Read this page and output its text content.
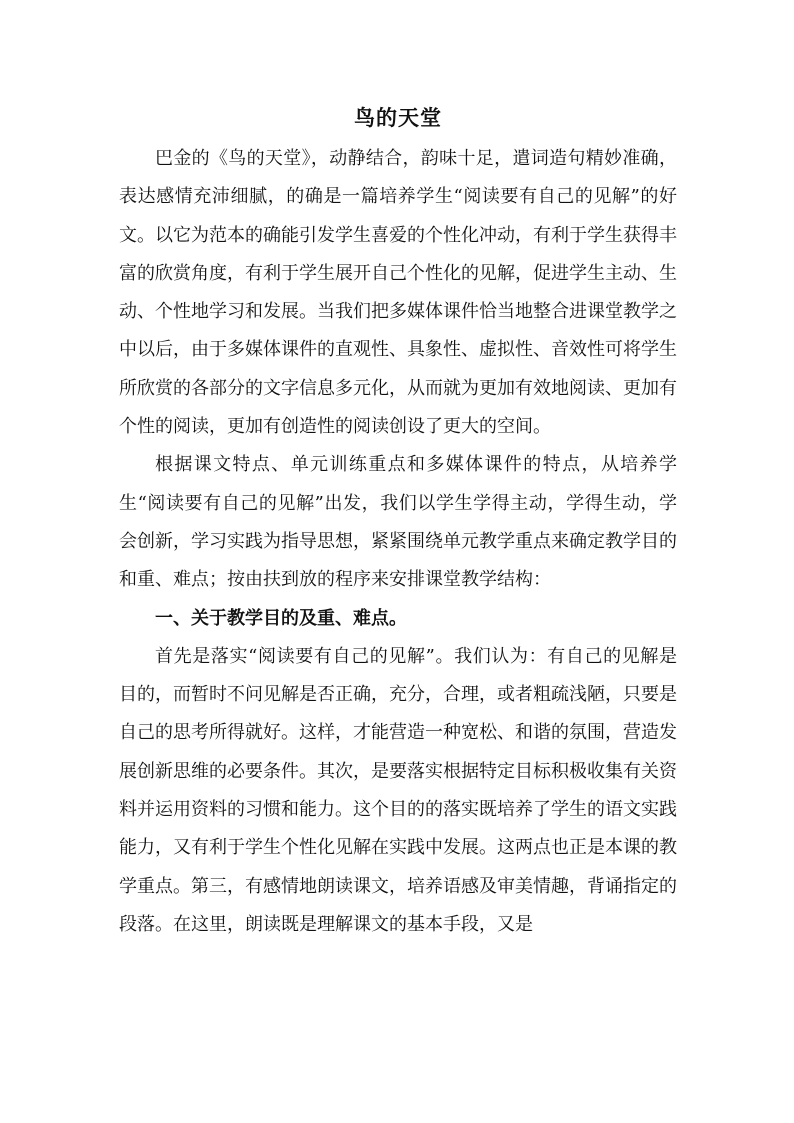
鸟的天堂

巴金的《鸟的天堂》，动静结合，韵味十足，遣词造句精妙准确，表达感情充沛细腻，的确是一篇培养学生“阅读要有自己的见解”的好文。以它为范本的确能引发学生喜爱的个性化冲动，有利于学生获得丰富的欣赏角度，有利于学生展开自己个性化的见解，促进学生主动、生动、个性地学习和发展。当我们把多媒体课件恰当地整合进课堂教学之中以后，由于多媒体课件的直观性、具象性、虚拟性、音效性可将学生所欣赏的各部分的文字信息多元化，从而就为更加有效地阅读、更加有个性的阅读，更加有创造性的阅读创设了更大的空间。

根据课文特点、单元训练重点和多媒体课件的特点，从培养学生“阅读要有自己的见解”出发，我们以学生学得主动，学得生动，学会创新，学习实践为指导思想，紧紧围绕单元教学重点来确定教学目的和重、难点；按由扶到放的程序来安排课堂教学结构：

一、关于教学目的及重、难点。

首先是落实“阅读要有自己的见解”。我们认为：有自己的见解是目的，而暂时不问见解是否正确，充分，合理，或者粗疏浅陋，只要是自己的思考所得就好。这样，才能营造一种宽松、和谐的氛围，营造发展创新思维的必要条件。其次，是要落实根据特定目标积极收集有关资料并运用资料的习惯和能力。这个目的的落实既培养了学生的语文实践能力，又有利于学生个性化见解在实践中发展。这两点也正是本课的教学重点。第三，有感情地朗读课文，培养语感及审美情趣，背诵指定的段落。在这里，朗读既是理解课文的基本手段，又是
